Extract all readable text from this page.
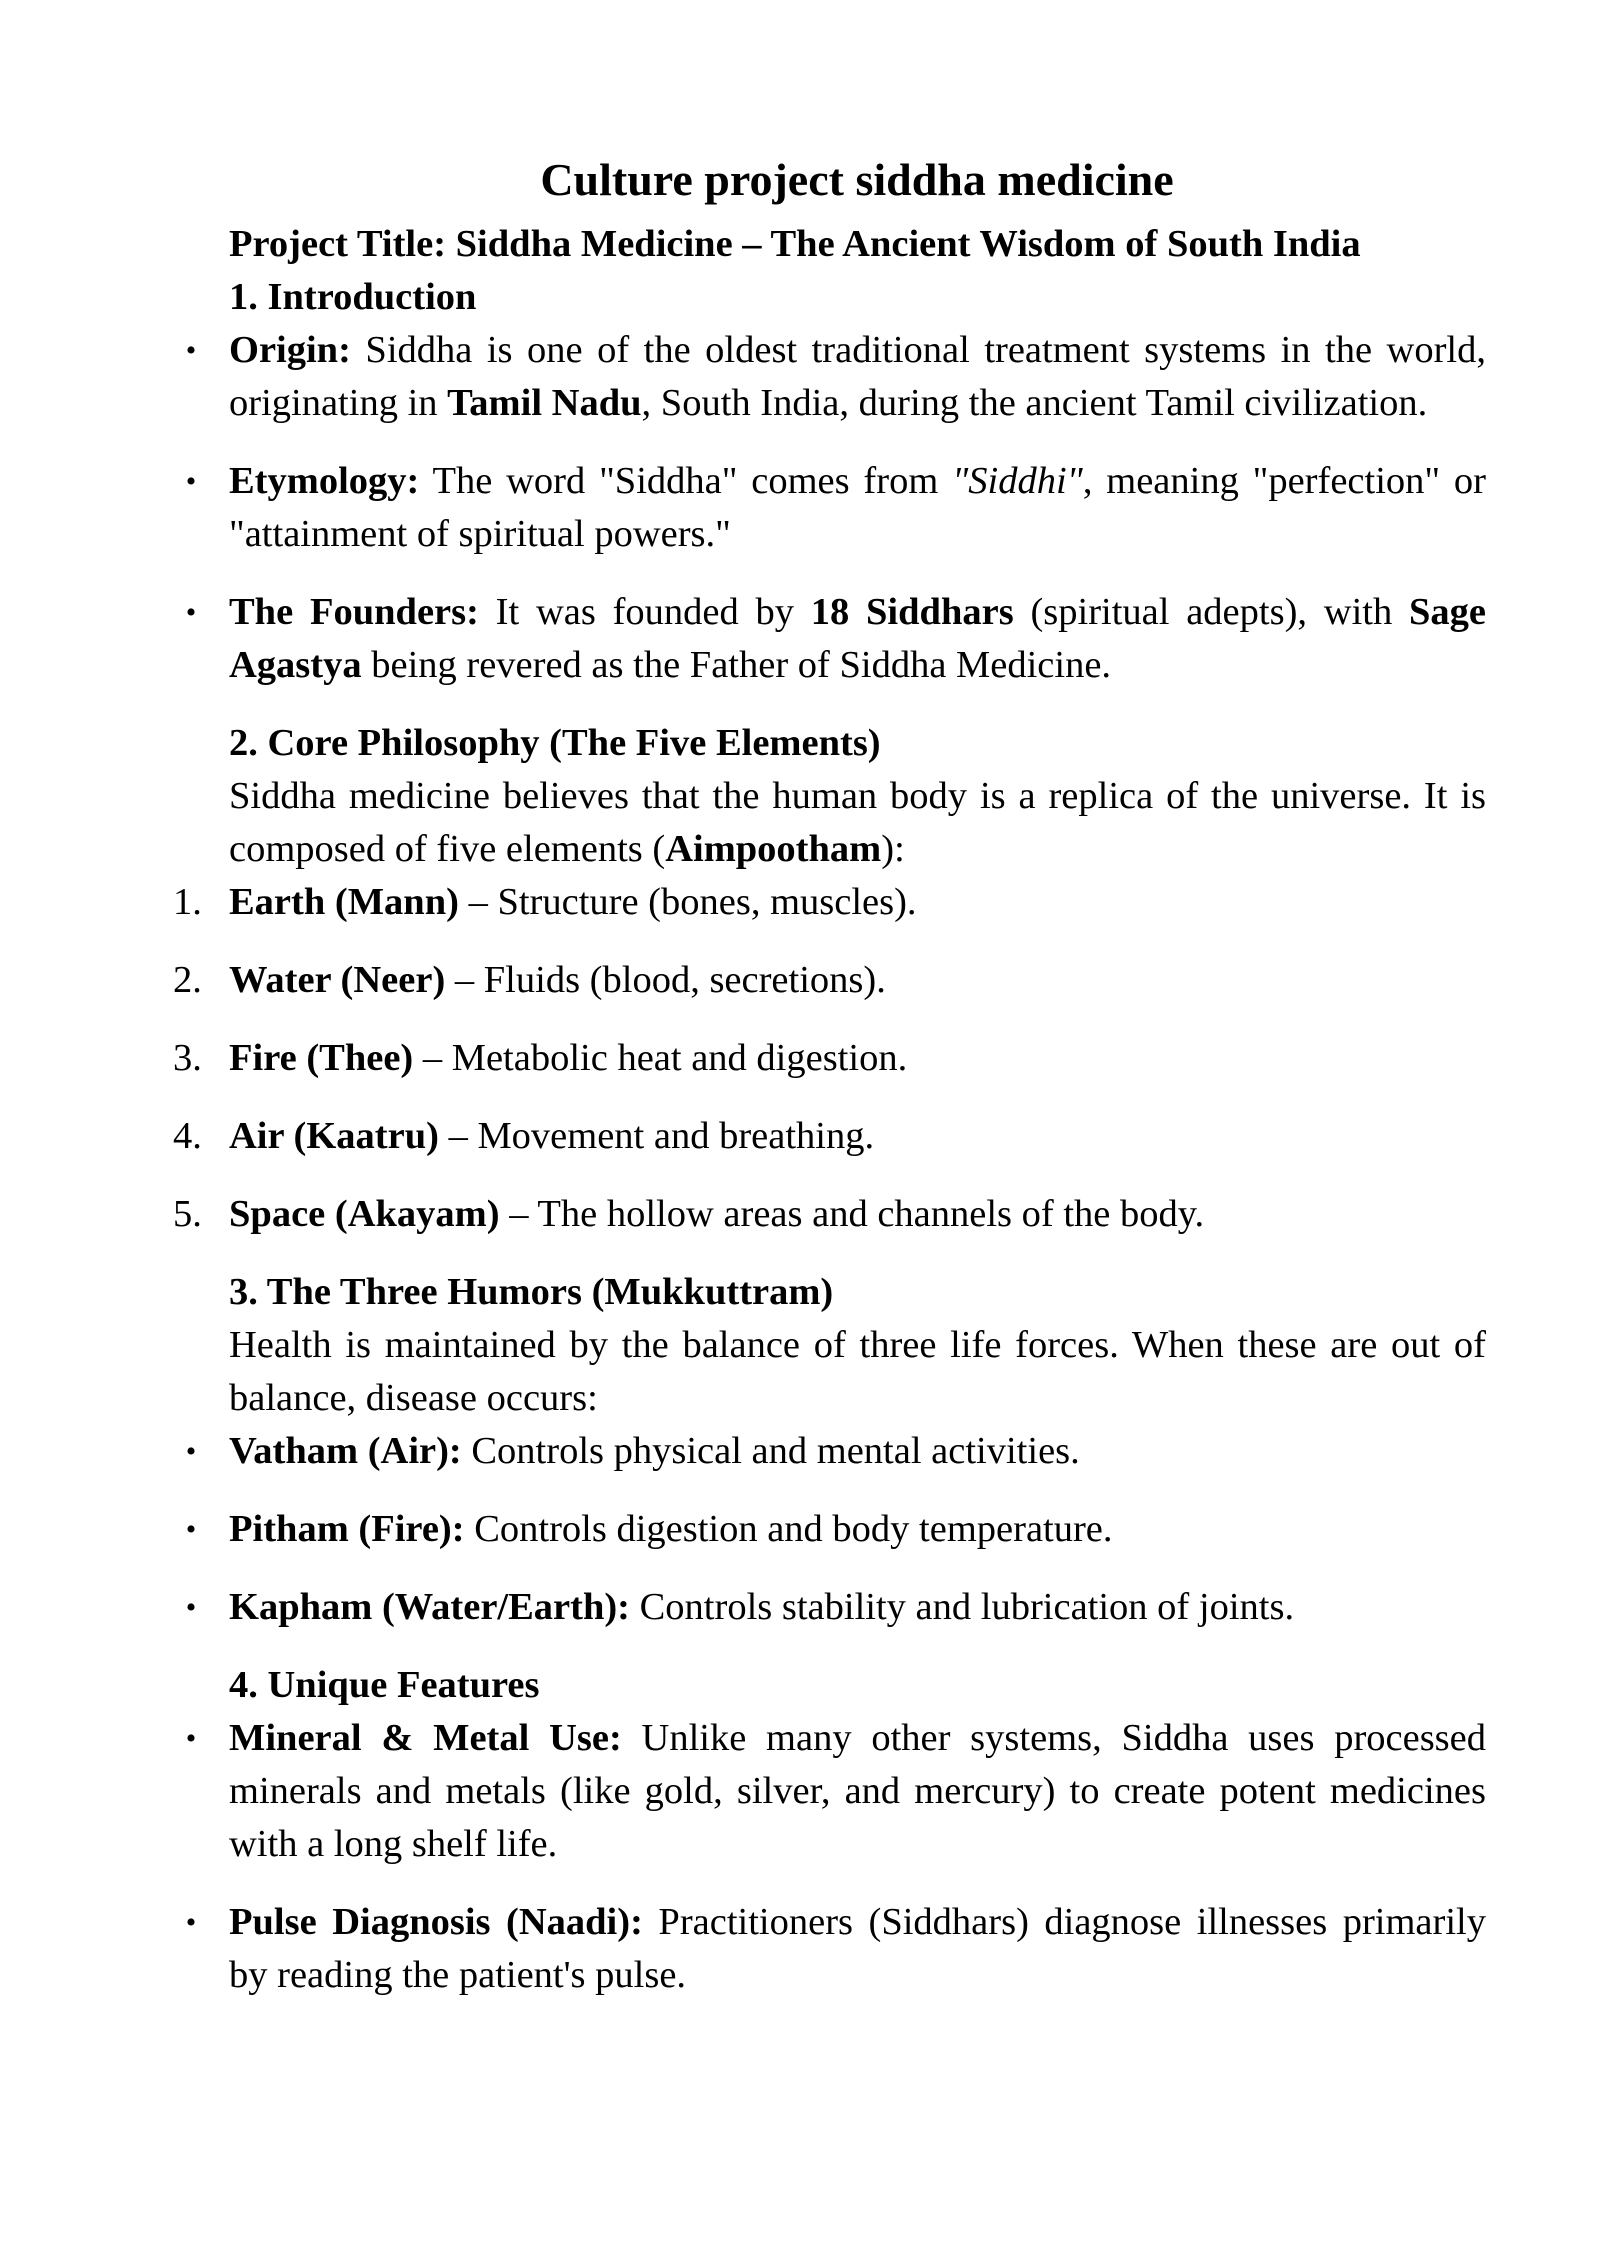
Culture project siddha medicine

Project Title: Siddha Medicine – The Ancient Wisdom of South India

1. Introduction

• Origin: Siddha is one of the oldest traditional treatment systems in the world, originating in Tamil Nadu, South India, during the ancient Tamil civilization.
• Etymology: The word "Siddha" comes from "Siddhi", meaning "perfection" or "attainment of spiritual powers."
• The Founders: It was founded by 18 Siddhars (spiritual adepts), with Sage Agastya being revered as the Father of Siddha Medicine.

2. Core Philosophy (The Five Elements)

Siddha medicine believes that the human body is a replica of the universe. It is composed of five elements (Aimpootham):

1. Earth (Mann) – Structure (bones, muscles).
2. Water (Neer) – Fluids (blood, secretions).
3. Fire (Thee) – Metabolic heat and digestion.
4. Air (Kaatru) – Movement and breathing.
5. Space (Akayam) – The hollow areas and channels of the body.

3. The Three Humors (Mukkuttram)

Health is maintained by the balance of three life forces. When these are out of balance, disease occurs:

• Vatham (Air): Controls physical and mental activities.
• Pitham (Fire): Controls digestion and body temperature.
• Kapham (Water/Earth): Controls stability and lubrication of joints.

4. Unique Features

• Mineral & Metal Use: Unlike many other systems, Siddha uses processed minerals and metals (like gold, silver, and mercury) to create potent medicines with a long shelf life.
• Pulse Diagnosis (Naadi): Practitioners (Siddhars) diagnose illnesses primarily by reading the patient's pulse.
